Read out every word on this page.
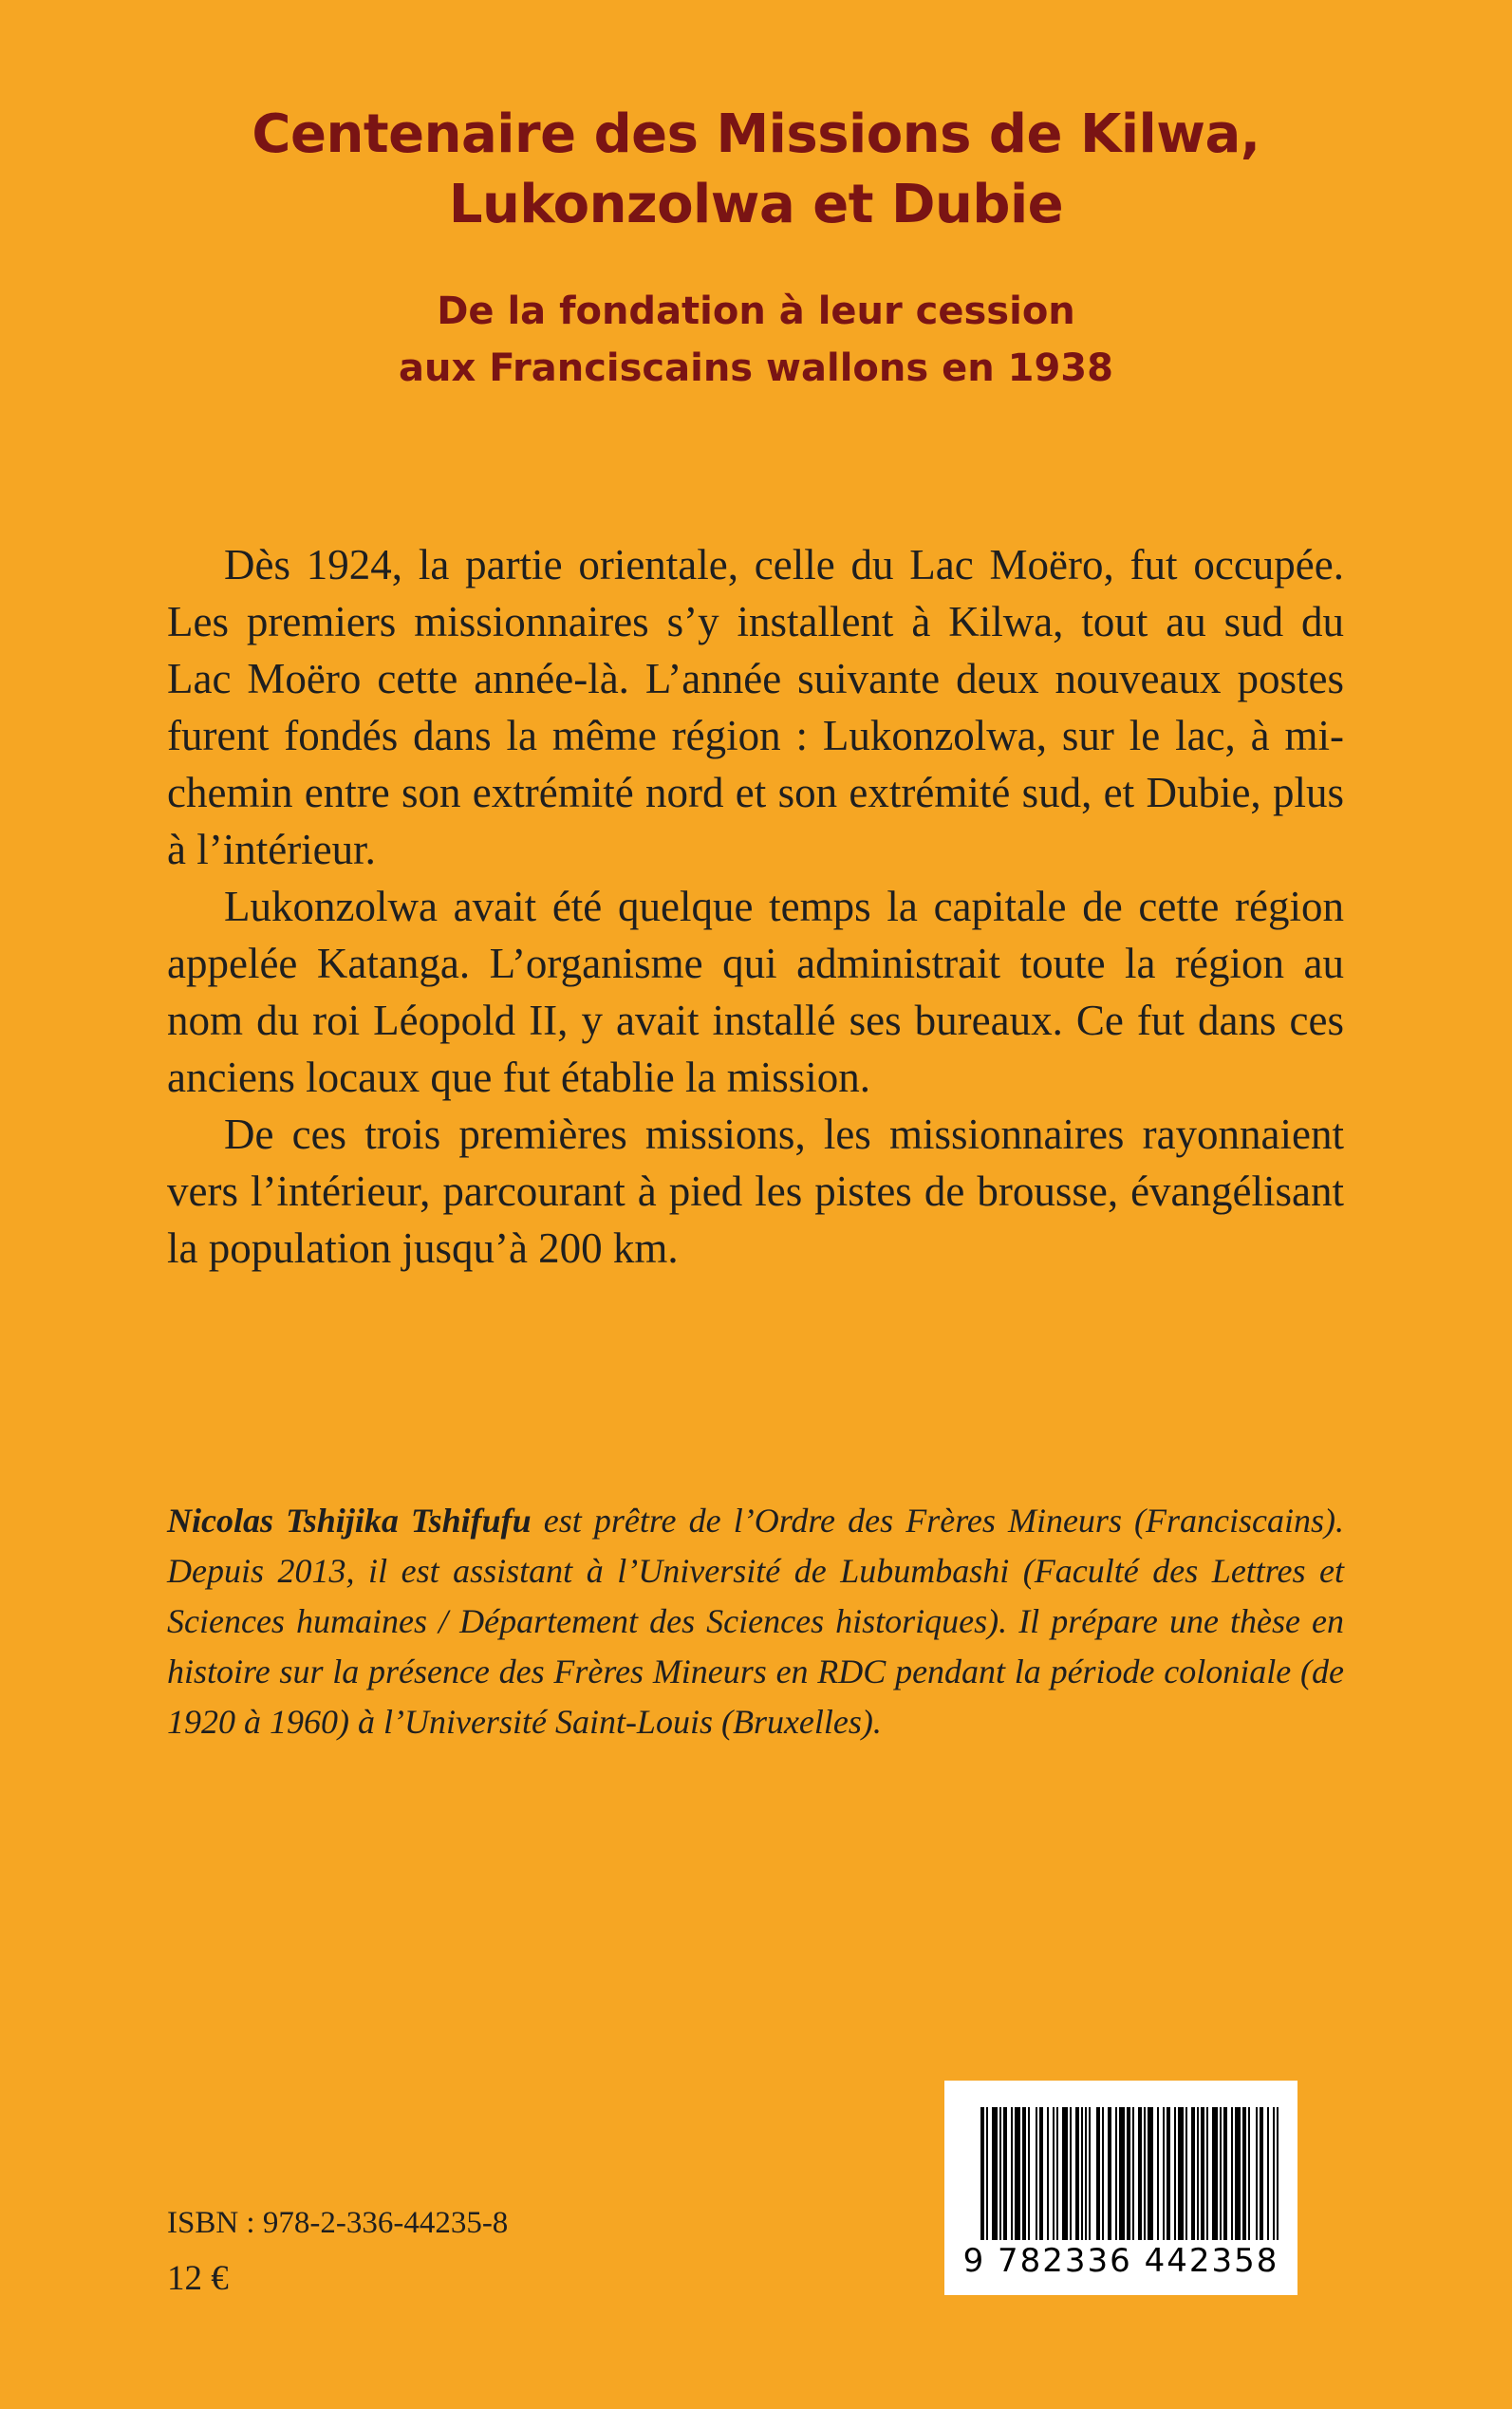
Centenaire des Missions de Kilwa,
Lukonzolwa et Dubie
De la fondation à leur cession
aux Franciscains wallons en 1938

Dès 1924, la partie orientale, celle du Lac Moëro, fut occupée. Les premiers missionnaires s’y installent à Kilwa, tout au sud du Lac Moëro cette année-là. L’année suivante deux nouveaux postes furent fondés dans la même région : Lukonzolwa, sur le lac, à mi-chemin entre son extrémité nord et son extrémité sud, et Dubie, plus à l’intérieur.

Lukonzolwa avait été quelque temps la capitale de cette région appelée Katanga. L’organisme qui administrait toute la région au nom du roi Léopold II, y avait installé ses bureaux. Ce fut dans ces anciens locaux que fut établie la mission.

De ces trois premières missions, les missionnaires rayonnaient vers l’intérieur, parcourant à pied les pistes de brousse, évangélisant la population jusqu’à 200 km.

Nicolas Tshijika Tshifufu est prêtre de l’Ordre des Frères Mineurs (Franciscains). Depuis 2013, il est assistant à l’Université de Lubumbashi (Faculté des Lettres et Sciences humaines / Département des Sciences historiques). Il prépare une thèse en histoire sur la présence des Frères Mineurs en RDC pendant la période coloniale (de 1920 à 1960) à l’Université Saint-Louis (Bruxelles).

ISBN : 978-2-336-44235-8

12 €	9 782336 442358
